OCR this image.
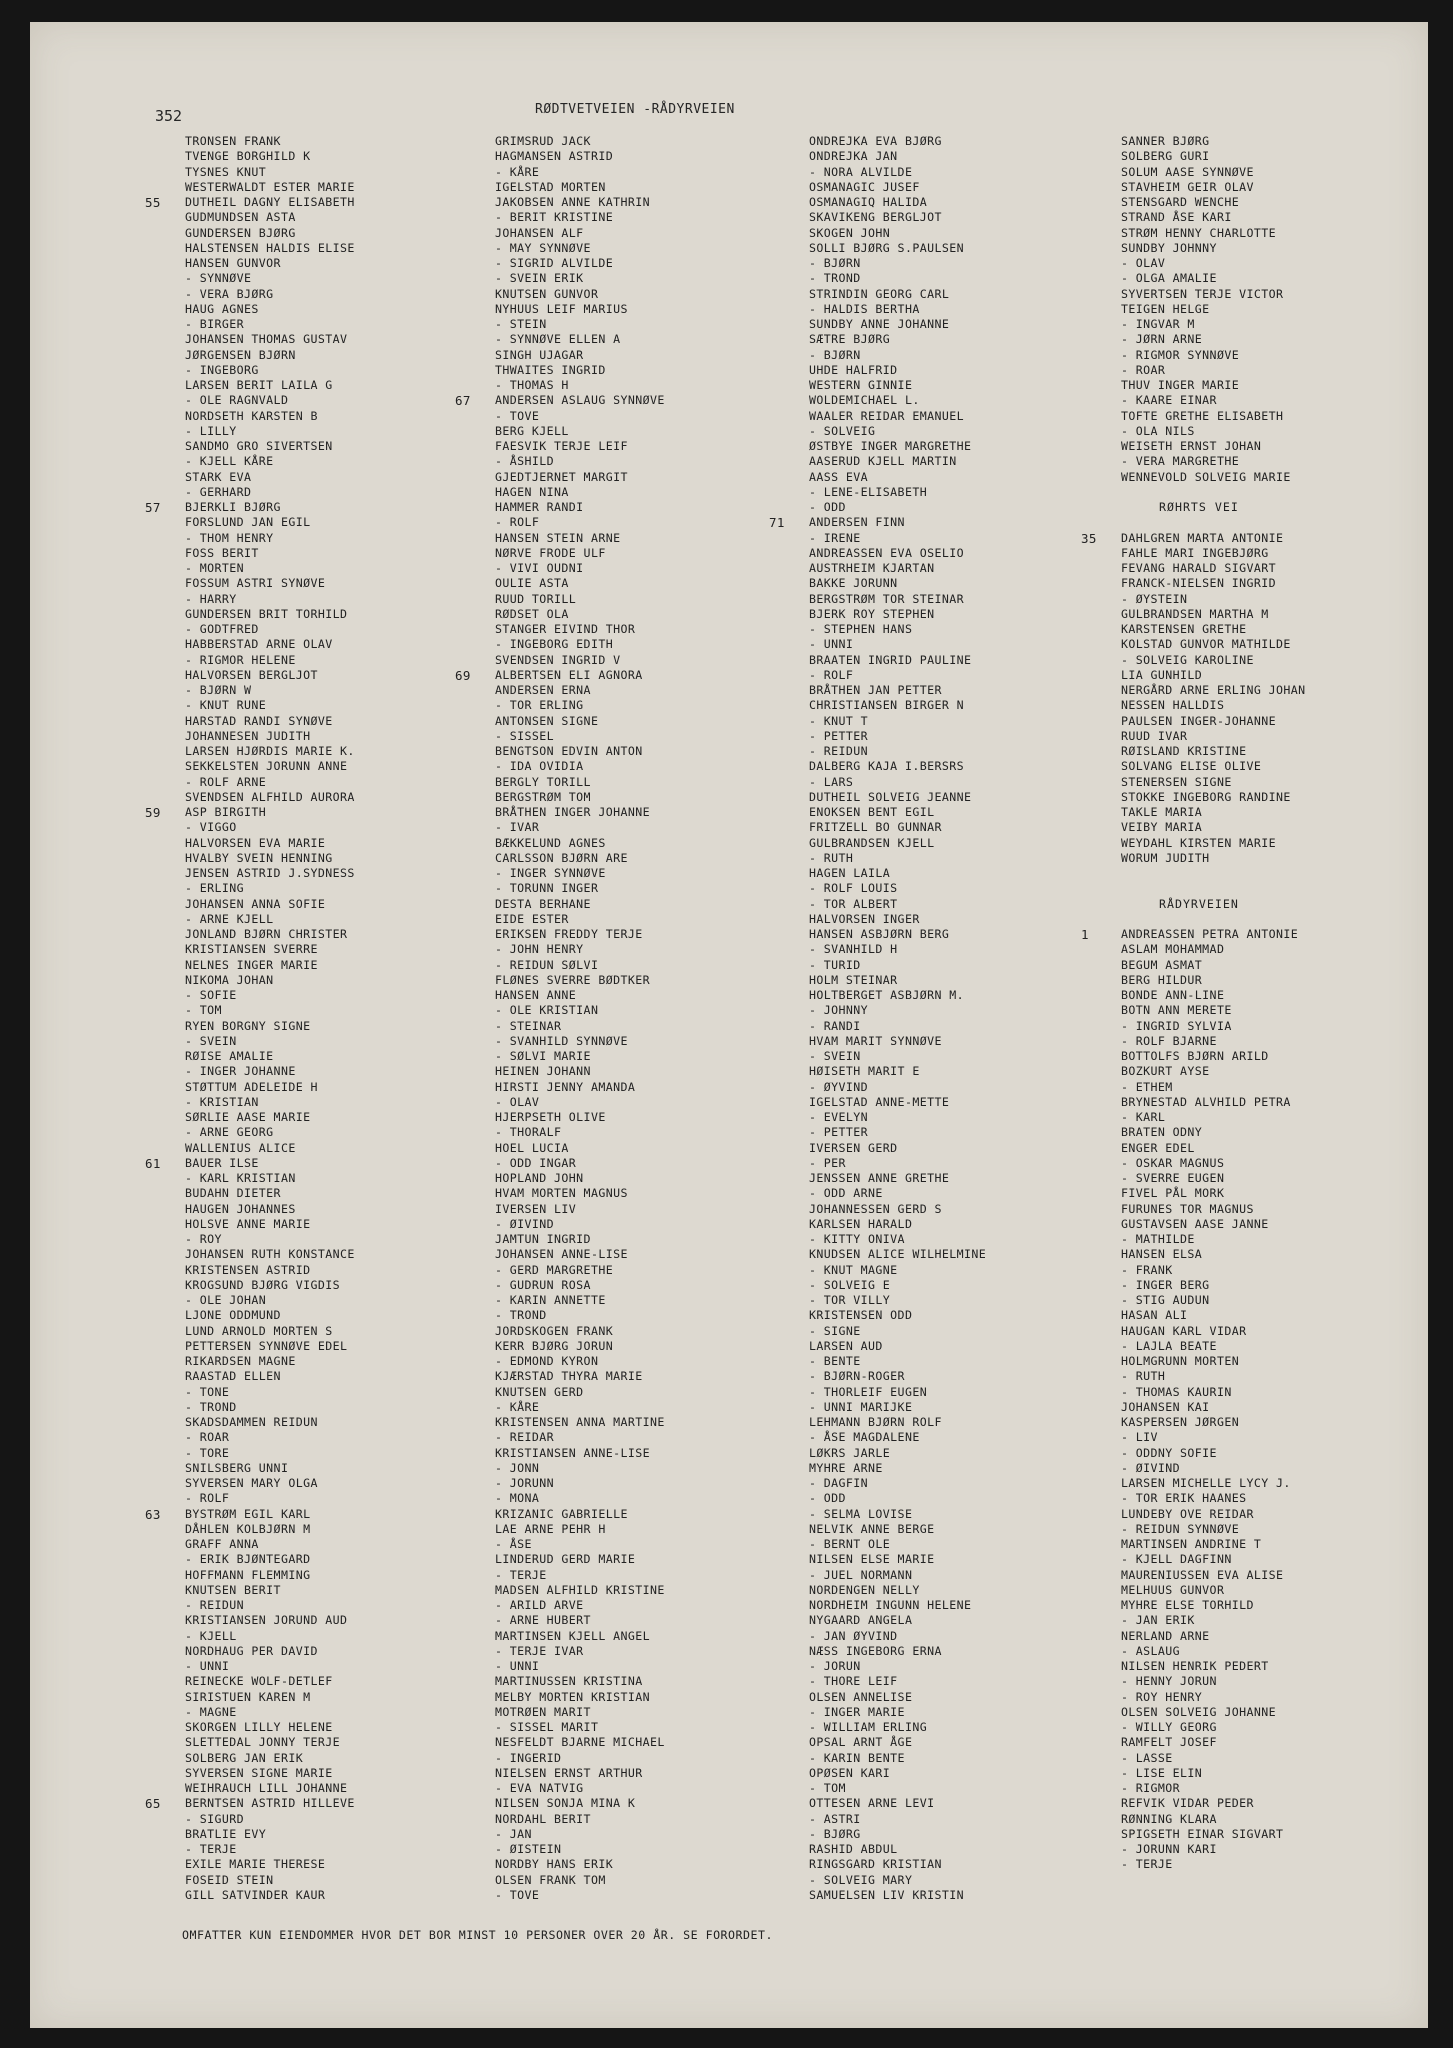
352	RØDTVETVEIEN -RÅDYRVEIEN
TRONSEN FRANK
TVENGE BORGHILD K
TYSNES KNUT
WESTERWALDT ESTER MARIE
55 DUTHEIL DAGNY ELISABETH
GUDMUNDSEN ASTA
GUNDERSEN BJØRG
HALSTENSEN HALDIS ELISE
HANSEN GUNVOR
- SYNNØVE
- VERA BJØRG
HAUG AGNES
- BIRGER
JOHANSEN THOMAS GUSTAV
JØRGENSEN BJØRN
- INGEBORG
LARSEN BERIT LAILA G
- OLE RAGNVALD
NORDSETH KARSTEN B
- LILLY
SANDMO GRO SIVERTSEN
- KJELL KÅRE
STARK EVA
- GERHARD
57 BJERKLI BJØRG
FORSLUND JAN EGIL
- THOM HENRY
FOSS BERIT
- MORTEN
FOSSUM ASTRI SYNØVE
- HARRY
GUNDERSEN BRIT TORHILD
- GODTFRED
HABBERSTAD ARNE OLAV
- RIGMOR HELENE
HALVORSEN BERGLJOT
- BJØRN W
- KNUT RUNE
HARSTAD RANDI SYNØVE
JOHANNESEN JUDITH
LARSEN HJØRDIS MARIE K.
SEKKELSTEN JORUNN ANNE
- ROLF ARNE
SVENDSEN ALFHILD AURORA
59 ASP BIRGITH
- VIGGO
HALVORSEN EVA MARIE
HVALBY SVEIN HENNING
JENSEN ASTRID J.SYDNESS
- ERLING
JOHANSEN ANNA SOFIE
- ARNE KJELL
JONLAND BJØRN CHRISTER
KRISTIANSEN SVERRE
NELNES INGER MARIE
NIKOMA JOHAN
- SOFIE
- TOM
RYEN BORGNY SIGNE
- SVEIN
RØISE AMALIE
- INGER JOHANNE
STØTTUM ADELEIDE H
- KRISTIAN
SØRLIE AASE MARIE
- ARNE GEORG
WALLENIUS ALICE
61 BAUER ILSE
- KARL KRISTIAN
BUDAHN DIETER
HAUGEN JOHANNES
HOLSVE ANNE MARIE
- ROY
JOHANSEN RUTH KONSTANCE
KRISTENSEN ASTRID
KROGSUND BJØRG VIGDIS
- OLE JOHAN
LJONE ODDMUND
LUND ARNOLD MORTEN S
PETTERSEN SYNNØVE EDEL
RIKARDSEN MAGNE
RAASTAD ELLEN
- TONE
- TROND
SKADSDAMMEN REIDUN
- ROAR
- TORE
SNILSBERG UNNI
SYVERSEN MARY OLGA
- ROLF
63 BYSTRØM EGIL KARL
DÅHLEN KOLBJØRN M
GRAFF ANNA
- ERIK BJØNTEGARD
HOFFMANN FLEMMING
KNUTSEN BERIT
- REIDUN
KRISTIANSEN JORUND AUD
- KJELL
NORDHAUG PER DAVID
- UNNI
REINECKE WOLF-DETLEF
SIRISTUEN KAREN M
- MAGNE
SKORGEN LILLY HELENE
SLETTEDAL JONNY TERJE
SOLBERG JAN ERIK
SYVERSEN SIGNE MARIE
WEIHRAUCH LILL JOHANNE
65 BERNTSEN ASTRID HILLEVE
- SIGURD
BRATLIE EVY
- TERJE
EXILE MARIE THERESE
FOSEID STEIN
GILL SATVINDER KAUR
GRIMSRUD JACK
HAGMANSEN ASTRID
- KÅRE
IGELSTAD MORTEN
JAKOBSEN ANNE KATHRIN
- BERIT KRISTINE
JOHANSEN ALF
- MAY SYNNØVE
- SIGRID ALVILDE
- SVEIN ERIK
KNUTSEN GUNVOR
NYHUUS LEIF MARIUS
- STEIN
- SYNNØVE ELLEN A
SINGH UJAGAR
THWAITES INGRID
- THOMAS H
67 ANDERSEN ASLAUG SYNNØVE
- TOVE
BERG KJELL
FAESVIK TERJE LEIF
- ÅSHILD
GJEDTJERNET MARGIT
HAGEN NINA
HAMMER RANDI
- ROLF
HANSEN STEIN ARNE
NØRVE FRODE ULF
- VIVI OUDNI
OULIE ASTA
RUUD TORILL
RØDSET OLA
STANGER EIVIND THOR
- INGEBORG EDITH
SVENDSEN INGRID V
69 ALBERTSEN ELI AGNORA
ANDERSEN ERNA
- TOR ERLING
ANTONSEN SIGNE
- SISSEL
BENGTSON EDVIN ANTON
- IDA OVIDIA
BERGLY TORILL
BERGSTRØM TOM
BRÅTHEN INGER JOHANNE
- IVAR
BÆKKELUND AGNES
CARLSSON BJØRN ARE
- INGER SYNNØVE
- TORUNN INGER
DESTA BERHANE
EIDE ESTER
ERIKSEN FREDDY TERJE
- JOHN HENRY
- REIDUN SØLVI
FLØNES SVERRE BØDTKER
HANSEN ANNE
- OLE KRISTIAN
- STEINAR
- SVANHILD SYNNØVE
- SØLVI MARIE
HEINEN JOHANN
HIRSTI JENNY AMANDA
- OLAV
HJERPSETH OLIVE
- THORALF
HOEL LUCIA
- ODD INGAR
HOPLAND JOHN
HVAM MORTEN MAGNUS
IVERSEN LIV
- ØIVIND
JAMTUN INGRID
JOHANSEN ANNE-LISE
- GERD MARGRETHE
- GUDRUN ROSA
- KARIN ANNETTE
- TROND
JORDSKOGEN FRANK
KERR BJØRG JORUN
- EDMOND KYRON
KJÆRSTAD THYRA MARIE
KNUTSEN GERD
- KÅRE
KRISTENSEN ANNA MARTINE
- REIDAR
KRISTIANSEN ANNE-LISE
- JONN
- JORUNN
- MONA
KRIZANIC GABRIELLE
LAE ARNE PEHR H
- ÅSE
LINDERUD GERD MARIE
- TERJE
MADSEN ALFHILD KRISTINE
- ARILD ARVE
- ARNE HUBERT
MARTINSEN KJELL ANGEL
- TERJE IVAR
- UNNI
MARTINUSSEN KRISTINA
MELBY MORTEN KRISTIAN
MOTRØEN MARIT
- SISSEL MARIT
NESFELDT BJARNE MICHAEL
- INGERID
NIELSEN ERNST ARTHUR
- EVA NATVIG
NILSEN SONJA MINA K
NORDAHL BERIT
- JAN
- ØISTEIN
NORDBY HANS ERIK
OLSEN FRANK TOM
- TOVE
ONDREJKA EVA BJØRG
ONDREJKA JAN
- NORA ALVILDE
OSMANAGIC JUSEF
OSMANAGIQ HALIDA
SKAVIKENG BERGLJOT
SKOGEN JOHN
SOLLI BJØRG S.PAULSEN
- BJØRN
- TROND
STRINDIN GEORG CARL
- HALDIS BERTHA
SUNDBY ANNE JOHANNE
SÆTRE BJØRG
- BJØRN
UHDE HALFRID
WESTERN GINNIE
WOLDEMICHAEL L.
WAALER REIDAR EMANUEL
- SOLVEIG
ØSTBYE INGER MARGRETHE
AASERUD KJELL MARTIN
AASS EVA
- LENE-ELISABETH
- ODD
71 ANDERSEN FINN
- IRENE
ANDREASSEN EVA OSELIO
AUSTRHEIM KJARTAN
BAKKE JORUNN
BERGSTRØM TOR STEINAR
BJERK ROY STEPHEN
- STEPHEN HANS
- UNNI
BRAATEN INGRID PAULINE
- ROLF
BRÅTHEN JAN PETTER
CHRISTIANSEN BIRGER N
- KNUT T
- PETTER
- REIDUN
DALBERG KAJA I.BERSRS
- LARS
DUTHEIL SOLVEIG JEANNE
ENOKSEN BENT EGIL
FRITZELL BO GUNNAR
GULBRANDSEN KJELL
- RUTH
HAGEN LAILA
- ROLF LOUIS
- TOR ALBERT
HALVORSEN INGER
HANSEN ASBJØRN BERG
- SVANHILD H
- TURID
HOLM STEINAR
HOLTBERGET ASBJØRN M.
- JOHNNY
- RANDI
HVAM MARIT SYNNØVE
- SVEIN
HØISETH MARIT E
- ØYVIND
IGELSTAD ANNE-METTE
- EVELYN
- PETTER
IVERSEN GERD
- PER
JENSSEN ANNE GRETHE
- ODD ARNE
JOHANNESSEN GERD S
KARLSEN HARALD
- KITTY ONIVA
KNUDSEN ALICE WILHELMINE
- KNUT MAGNE
- SOLVEIG E
- TOR VILLY
KRISTENSEN ODD
- SIGNE
LARSEN AUD
- BENTE
- BJØRN-ROGER
- THORLEIF EUGEN
- UNNI MARIJKE
LEHMANN BJØRN ROLF
- ÅSE MAGDALENE
LØKRS JARLE
MYHRE ARNE
- DAGFIN
- ODD
- SELMA LOVISE
NELVIK ANNE BERGE
- BERNT OLE
NILSEN ELSE MARIE
- JUEL NORMANN
NORDENGEN NELLY
NORDHEIM INGUNN HELENE
NYGAARD ANGELA
- JAN ØYVIND
NÆSS INGEBORG ERNA
- JORUN
- THORE LEIF
OLSEN ANNELISE
- INGER MARIE
- WILLIAM ERLING
OPSAL ARNT ÅGE
- KARIN BENTE
OPØSEN KARI
- TOM
OTTESEN ARNE LEVI
- ASTRI
- BJØRG
RASHID ABDUL
RINGSGARD KRISTIAN
- SOLVEIG MARY
SAMUELSEN LIV KRISTIN
SANNER BJØRG
SOLBERG GURI
SOLUM AASE SYNNØVE
STAVHEIM GEIR OLAV
STENSGARD WENCHE
STRAND ÅSE KARI
STRØM HENNY CHARLOTTE
SUNDBY JOHNNY
- OLAV
- OLGA AMALIE
SYVERTSEN TERJE VICTOR
TEIGEN HELGE
- INGVAR M
- JØRN ARNE
- RIGMOR SYNNØVE
- ROAR
THUV INGER MARIE
- KAARE EINAR
TOFTE GRETHE ELISABETH
- OLA NILS
WEISETH ERNST JOHAN
- VERA MARGRETHE
WENNEVOLD SOLVEIG MARIE
RØHRTS VEI
35 DAHLGREN MARTA ANTONIE
FAHLE MARI INGEBJØRG
FEVANG HARALD SIGVART
FRANCK-NIELSEN INGRID
- ØYSTEIN
GULBRANDSEN MARTHA M
KARSTENSEN GRETHE
KOLSTAD GUNVOR MATHILDE
- SOLVEIG KAROLINE
LIA GUNHILD
NERGÅRD ARNE ERLING JOHAN
NESSEN HALLDIS
PAULSEN INGER-JOHANNE
RUUD IVAR
RØISLAND KRISTINE
SOLVANG ELISE OLIVE
STENERSEN SIGNE
STOKKE INGEBORG RANDINE
TAKLE MARIA
VEIBY MARIA
WEYDAHL KIRSTEN MARIE
WORUM JUDITH
RÅDYRVEIEN
1	ANDREASSEN PETRA ANTONIE
ASLAM MOHAMMAD
BEGUM ASMAT
BERG HILDUR
BONDE ANN-LINE
BOTN ANN MERETE
- INGRID SYLVIA
- ROLF BJARNE
BOTTOLFS BJØRN ARILD
BOZKURT AYSE
- ETHEM
BRYNESTAD ALVHILD PETRA
- KARL
BRATEN ODNY
ENGER EDEL
- OSKAR MAGNUS
- SVERRE EUGEN
FIVEL PÅL MORK
FURUNES TOR MAGNUS
GUSTAVSEN AASE JANNE
- MATHILDE
HANSEN ELSA
- FRANK
- INGER BERG
- STIG AUDUN
HASAN ALI
HAUGAN KARL VIDAR
- LAJLA BEATE
HOLMGRUNN MORTEN
- RUTH
- THOMAS KAURIN
JOHANSEN KAI
KASPERSEN JØRGEN
- LIV
- ODDNY SOFIE
- ØIVIND
LARSEN MICHELLE LYCY J.
- TOR ERIK HAANES
LUNDEBY OVE REIDAR
- REIDUN SYNNØVE
MARTINSEN ANDRINE T
- KJELL DAGFINN
MAURENIUSSEN EVA ALISE
MELHUUS GUNVOR
MYHRE ELSE TORHILD
- JAN ERIK
NERLAND ARNE
- ASLAUG
NILSEN HENRIK PEDERT
- HENNY JORUN
- ROY HENRY
OLSEN SOLVEIG JOHANNE
- WILLY GEORG
RAMFELT JOSEF
- LASSE
- LISE ELIN
- RIGMOR
REFVIK VIDAR PEDER
RØNNING KLARA
SPIGSETH EINAR SIGVART
- JORUNN KARI
- TERJE
OMFATTER KUN EIENDOMMER HVOR DET BOR MINST 10 PERSONER OVER 20 ÅR. SE FORORDET.
